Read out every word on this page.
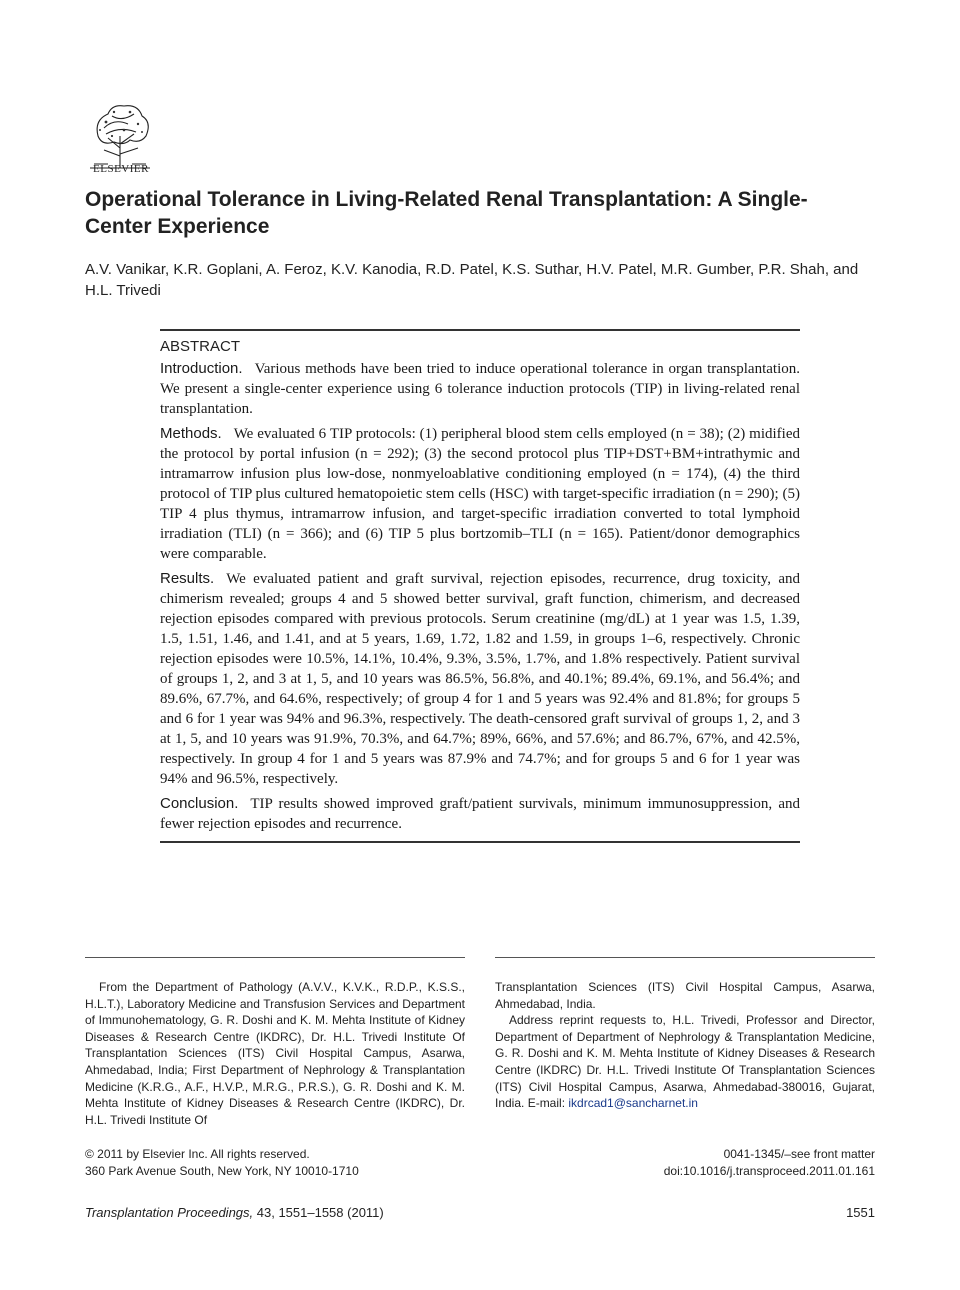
ELSEVIER
Operational Tolerance in Living-Related Renal Transplantation: A Single-Center Experience
A.V. Vanikar, K.R. Goplani, A. Feroz, K.V. Kanodia, R.D. Patel, K.S. Suthar, H.V. Patel, M.R. Gumber, P.R. Shah, and H.L. Trivedi
ABSTRACT

Introduction. Various methods have been tried to induce operational tolerance in organ transplantation. We present a single-center experience using 6 tolerance induction protocols (TIP) in living-related renal transplantation.

Methods. We evaluated 6 TIP protocols: (1) peripheral blood stem cells employed (n = 38); (2) midified the protocol by portal infusion (n = 292); (3) the second protocol plus TIP+DST+BM+intrathymic and intramarrow infusion plus low-dose, nonmyeloablative conditioning employed (n = 174), (4) the third protocol of TIP plus cultured hematopoietic stem cells (HSC) with target-specific irradiation (n = 290); (5) TIP 4 plus thymus, intramarrow infusion, and target-specific irradiation converted to total lymphoid irradiation (TLI) (n = 366); and (6) TIP 5 plus bortzomib–TLI (n = 165). Patient/donor demographics were comparable.

Results. We evaluated patient and graft survival, rejection episodes, recurrence, drug toxicity, and chimerism revealed; groups 4 and 5 showed better survival, graft function, chimerism, and decreased rejection episodes compared with previous protocols. Serum creatinine (mg/dL) at 1 year was 1.5, 1.39, 1.5, 1.51, 1.46, and 1.41, and at 5 years, 1.69, 1.72, 1.82 and 1.59, in groups 1–6, respectively. Chronic rejection episodes were 10.5%, 14.1%, 10.4%, 9.3%, 3.5%, 1.7%, and 1.8% respectively. Patient survival of groups 1, 2, and 3 at 1, 5, and 10 years was 86.5%, 56.8%, and 40.1%; 89.4%, 69.1%, and 56.4%; and 89.6%, 67.7%, and 64.6%, respectively; of group 4 for 1 and 5 years was 92.4% and 81.8%; for groups 5 and 6 for 1 year was 94% and 96.3%, respectively. The death-censored graft survival of groups 1, 2, and 3 at 1, 5, and 10 years was 91.9%, 70.3%, and 64.7%; 89%, 66%, and 57.6%; and 86.7%, 67%, and 42.5%, respectively. In group 4 for 1 and 5 years was 87.9% and 74.7%; and for groups 5 and 6 for 1 year was 94% and 96.5%, respectively.

Conclusion. TIP results showed improved graft/patient survivals, minimum immunosuppression, and fewer rejection episodes and recurrence.

From the Department of Pathology (A.V.V., K.V.K., R.D.P., K.S.S., H.L.T.), Laboratory Medicine and Transfusion Services and Department of Immunohematology, G. R. Doshi and K. M. Mehta Institute of Kidney Diseases & Research Centre (IKDRC), Dr. H.L. Trivedi Institute Of Transplantation Sciences (ITS) Civil Hospital Campus, Asarwa, Ahmedabad, India; First Department of Nephrology & Transplantation Medicine (K.R.G., A.F., H.V.P., M.R.G., P.R.S.), G. R. Doshi and K. M. Mehta Institute of Kidney Diseases & Research Centre (IKDRC), Dr. H.L. Trivedi Institute Of

Transplantation Sciences (ITS) Civil Hospital Campus, Asarwa, Ahmedabad, India.

Address reprint requests to, H.L. Trivedi, Professor and Director, Department of Department of Nephrology & Transplantation Medicine, G. R. Doshi and K. M. Mehta Institute of Kidney Diseases & Research Centre (IKDRC) Dr. H.L. Trivedi Institute Of Transplantation Sciences (ITS) Civil Hospital Campus, Asarwa, Ahmedabad-380016, Gujarat, India. E-mail: ikdrcad1@sancharnet.in

© 2011 by Elsevier Inc. All rights reserved.
360 Park Avenue South, New York, NY 10010-1710
0041-1345/–see front matter
doi:10.1016/j.transproceed.2011.01.161
Transplantation Proceedings, 43, 1551–1558 (2011)	1551
